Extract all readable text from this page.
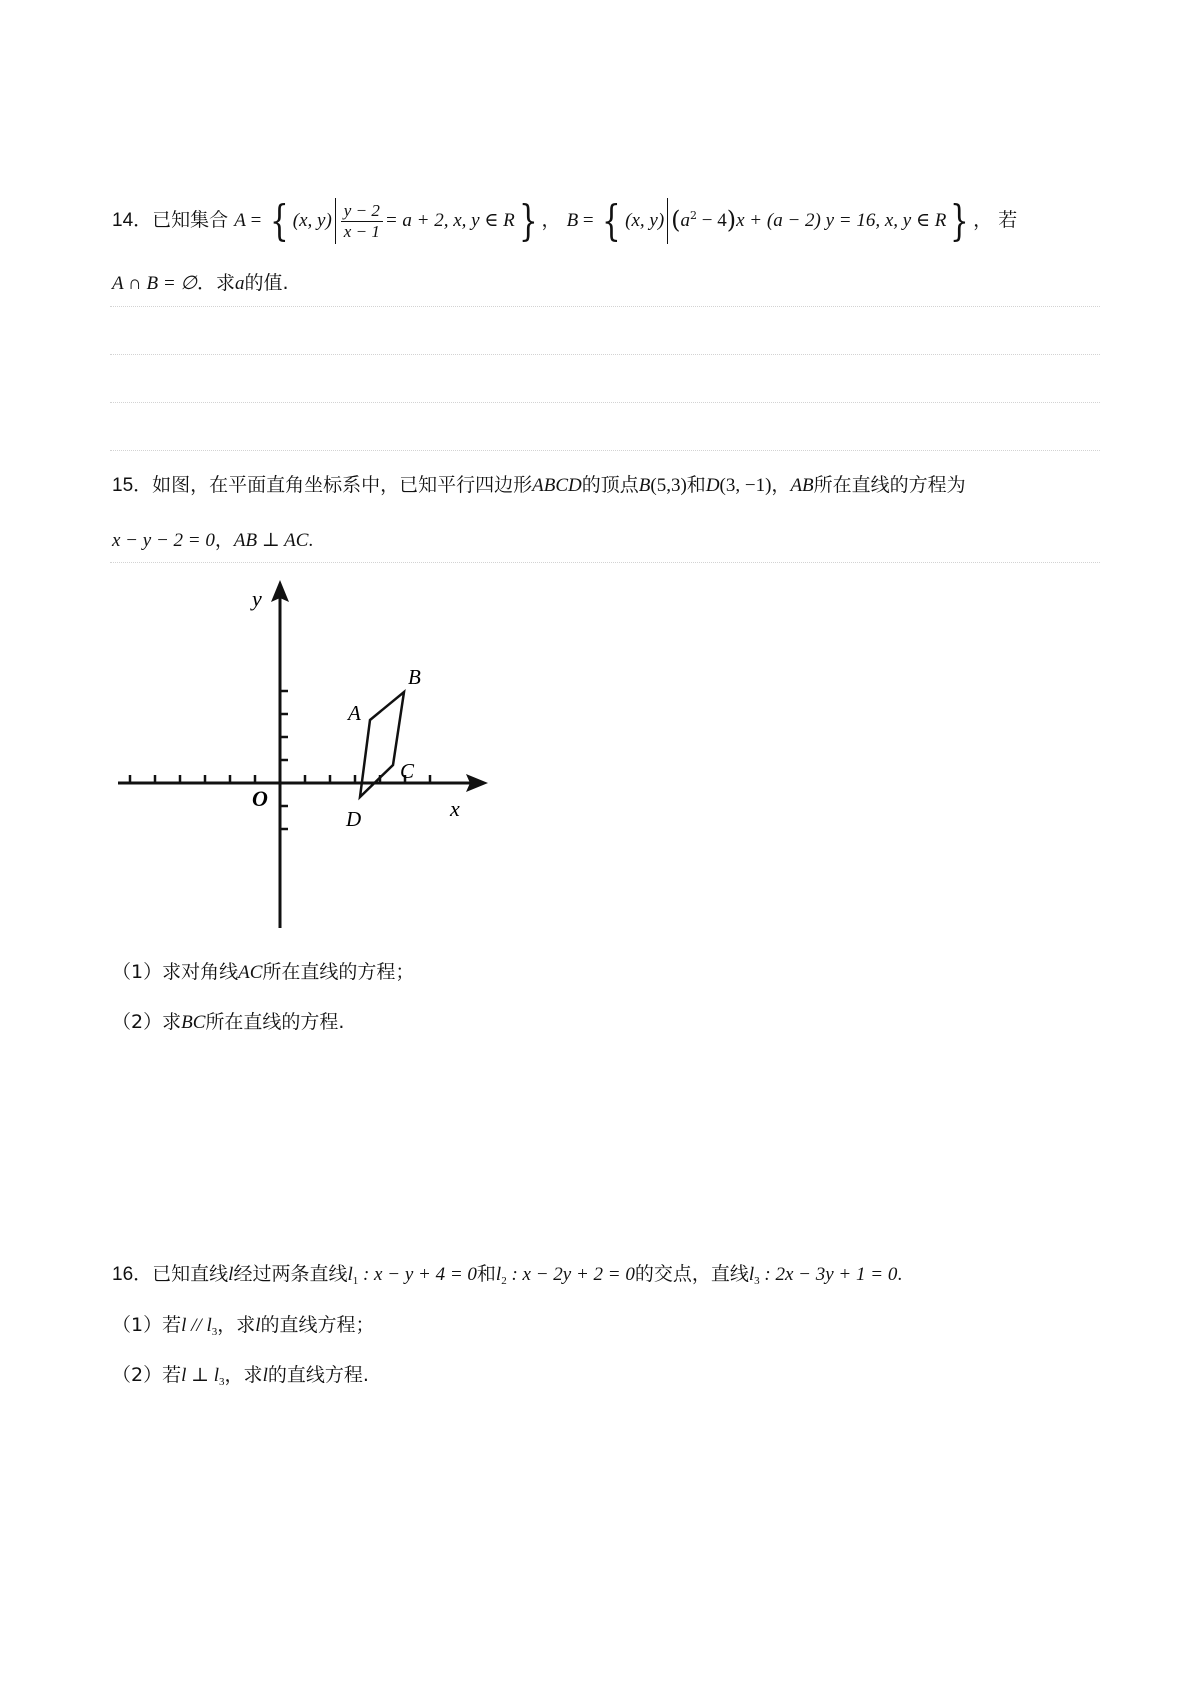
14．已知集合 A = { (x, $y) \frac{y - 2}{x - 1} = a + 2$, x, y ∈ R} ， B = { (x, y) $(a^2 - 4)x + (a - 2) y = 16$, x, y ∈ R} ， 若
A ∩ B = ∅．求a的值.
15．如图，在平面直角坐标系中，已知平行四边形ABCD的顶点B(5,3)和D(3, −1)，AB所在直线的方程为
x − y − 2 = 0，AB ⊥ AC.
y
x
O
A
B
C
D
（1）求对角线AC所在直线的方程；
（2）求BC所在直线的方程.
16．已知直线l经过两条直线$l_1$ : x − y + 4 = 0和$l_2$ : x − 2y + 2 = 0的交点，直线$l_3$ : 2x − 3y + 1 = 0.
（1）若l // $l_3$，求l的直线方程；
（2）若l ⊥ $l_3$，求l的直线方程.
